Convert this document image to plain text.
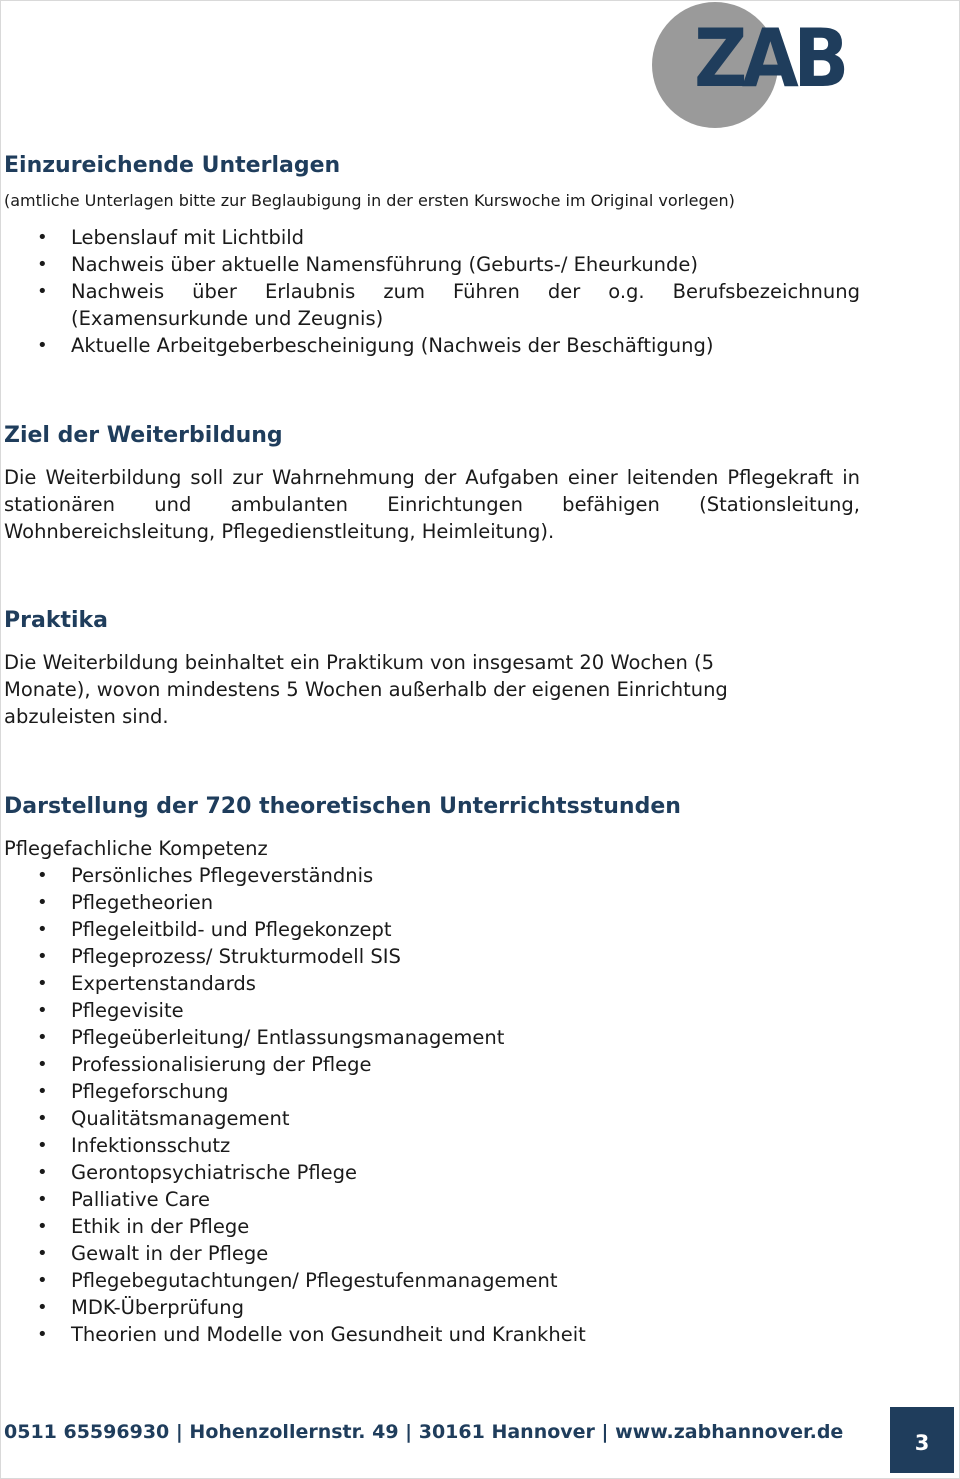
ZAB
Einzureichende Unterlagen
(amtliche Unterlagen bitte zur Beglaubigung in der ersten Kurswoche im Original vorlegen)
• Lebenslauf mit Lichtbild
• Nachweis über aktuelle Namensführung (Geburts-/ Eheurkunde)
• Nachweis über Erlaubnis zum Führen der o.g. Berufsbezeichnung (Examensurkunde und Zeugnis)
• Aktuelle Arbeitgeberbescheinigung (Nachweis der Beschäftigung)
Ziel der Weiterbildung

Die Weiterbildung soll zur Wahrnehmung der Aufgaben einer leitenden Pflegekraft in stationären und ambulanten Einrichtungen befähigen (Stationsleitung, Wohnbereichsleitung, Pflegedienstleitung, Heimleitung).

Praktika

Die Weiterbildung beinhaltet ein Praktikum von insgesamt 20 Wochen (5 Monate), wovon mindestens 5 Wochen außerhalb der eigenen Einrichtung abzuleisten sind.

Darstellung der 720 theoretischen Unterrichtsstunden
Pflegefachliche Kompetenz
• Persönliches Pflegeverständnis
• Pflegetheorien
• Pflegeleitbild- und Pflegekonzept
• Pflegeprozess/ Strukturmodell SIS
• Expertenstandards
• Pflegevisite
• Pflegeüberleitung/ Entlassungsmanagement
• Professionalisierung der Pflege
• Pflegeforschung
• Qualitätsmanagement
• Infektionsschutz
• Gerontopsychiatrische Pflege
• Palliative Care
• Ethik in der Pflege
• Gewalt in der Pflege
• Pflegebegutachtungen/ Pflegestufenmanagement
• MDK-Überprüfung
• Theorien und Modelle von Gesundheit und Krankheit
0511 65596930 | Hohenzollernstr. 49 | 30161 Hannover | www.zabhannover.de	3
